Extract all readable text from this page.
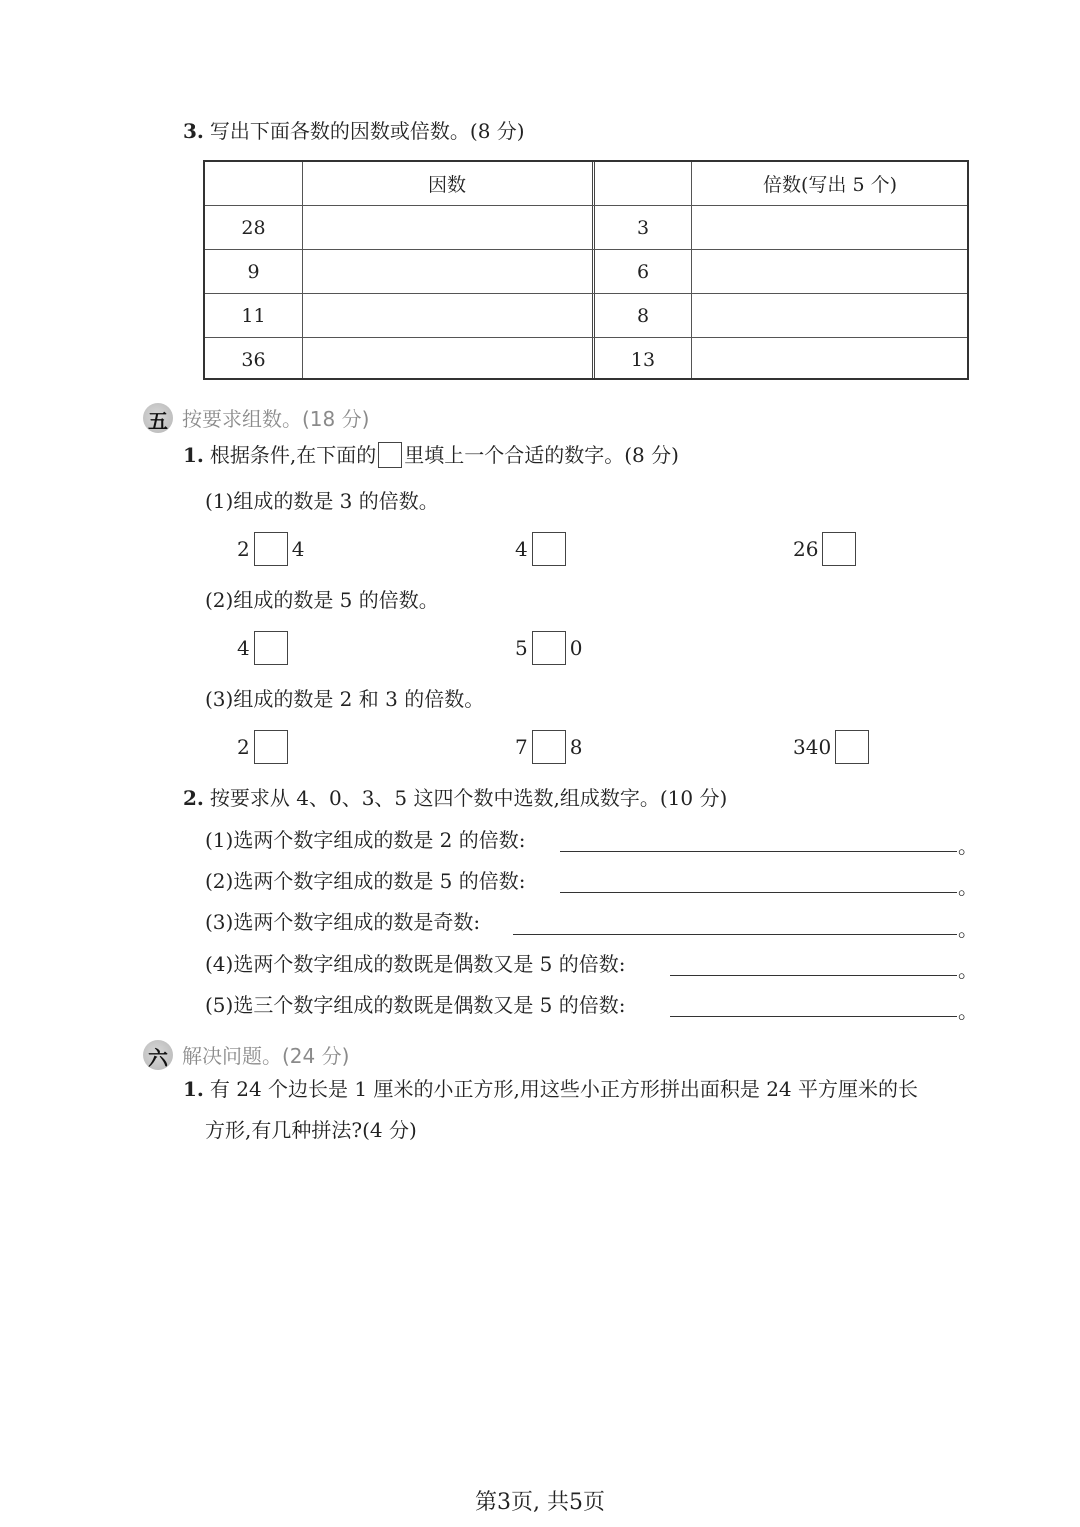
3. 写出下面各数的因数或倍数。(8 分)
因数	倍数(写出 5 个)
28	3
9	6
11	8
36	13
五 按要求组数。(18 分)
1. 根据条件,在下面的 里填上一个合适的数字。(8 分)
(1)组成的数是 3 的倍数。
2 4	4	26
(2)组成的数是 5 的倍数。
4	5 0
(3)组成的数是 2 和 3 的倍数。
2	7 8	340
2. 按要求从 4、0、3、5 这四个数中选数,组成数字。(10 分)
(1)选两个数字组成的数是 2 的倍数:	。
(2)选两个数字组成的数是 5 的倍数:	。
(3)选两个数字组成的数是奇数:	。
(4)选两个数字组成的数既是偶数又是 5 的倍数:	。
(5)选三个数字组成的数既是偶数又是 5 的倍数:	。
六 解决问题。(24 分)
1. 有 24 个边长是 1 厘米的小正方形,用这些小正方形拼出面积是 24 平方厘米的长
方形,有几种拼法?(4 分)
第3页, 共5页
